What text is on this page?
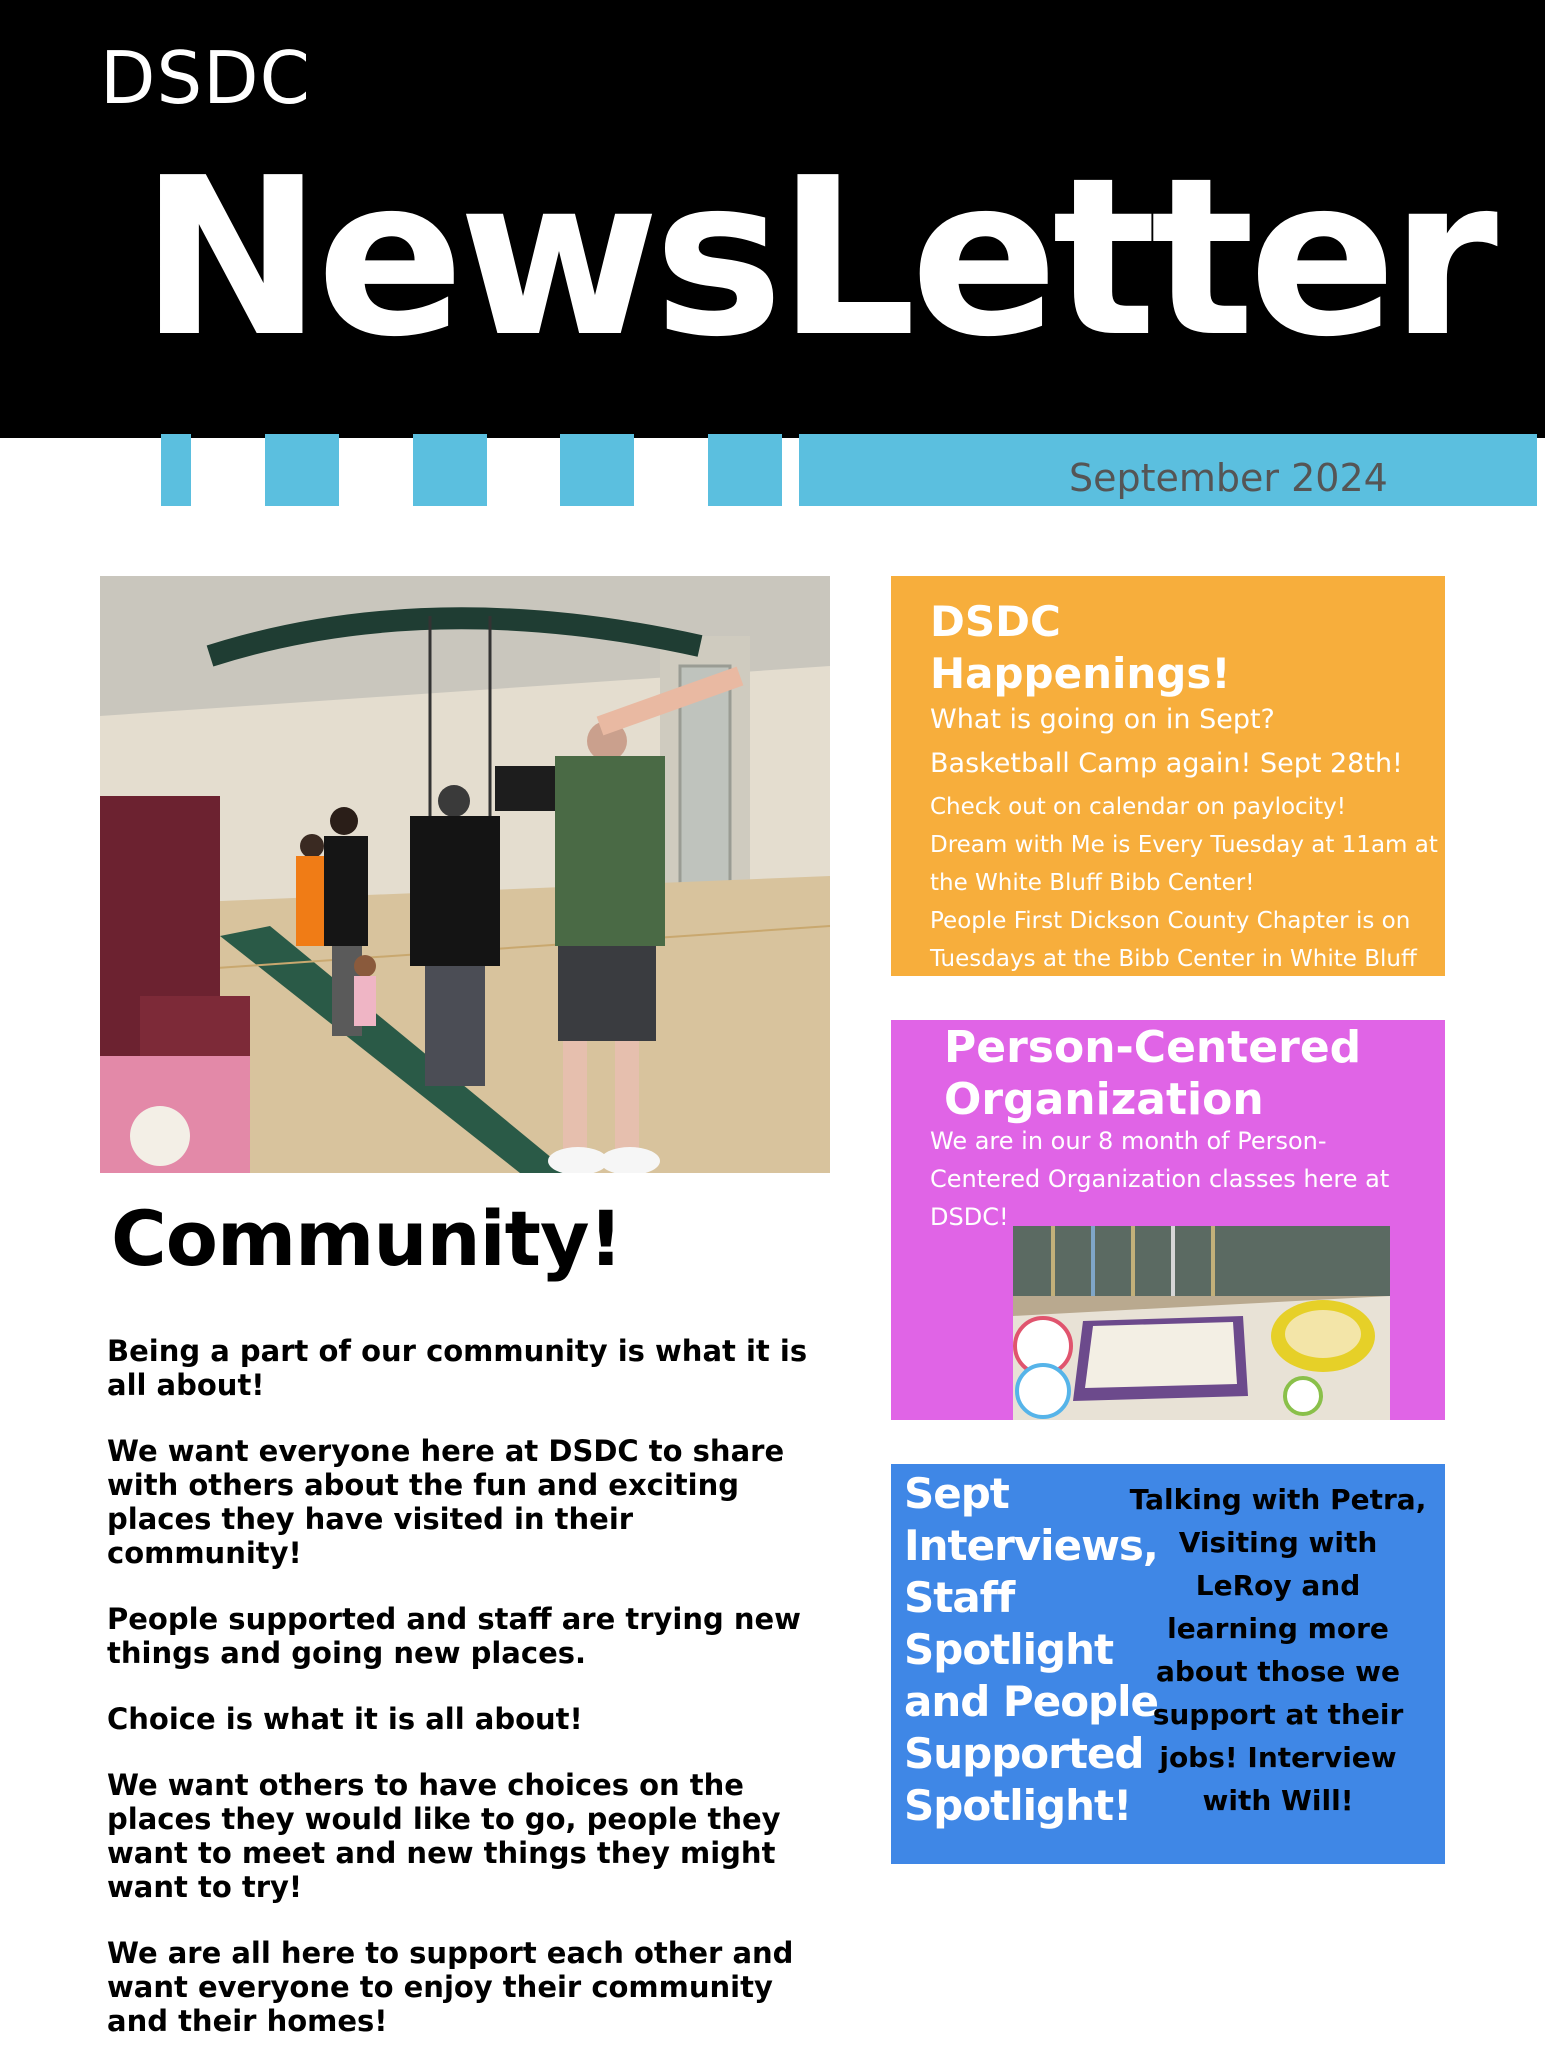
DSDC
NewsLetter
September 2024
Community!

Being a part of our community is what it is all about!

We want everyone here at DSDC to share with others about the fun and exciting places they have visited in their community!

People supported and staff are trying new things and going new places.

Choice is what it is all about!

We want others to have choices on the places they would like to go, people they want to meet and new things they might want to try!

We are all here to support each other and want everyone to enjoy their community and their homes!

DSDC
Happenings!
What is going on in Sept?
Basketball Camp again! Sept 28th!
Check out on calendar on paylocity!
Dream with Me is Every Tuesday at 11am at the White Bluff Bibb Center!
People First Dickson County Chapter is on Tuesdays at the Bibb Center in White Bluff
Person-Centered
Organization
We are in our 8 month of Person-Centered Organization classes here at DSDC!
Sept Interviews, Staff Spotlight and People Supported Spotlight!
Talking with Petra, Visiting with LeRoy and learning more about those we support at their jobs! Interview with Will!
